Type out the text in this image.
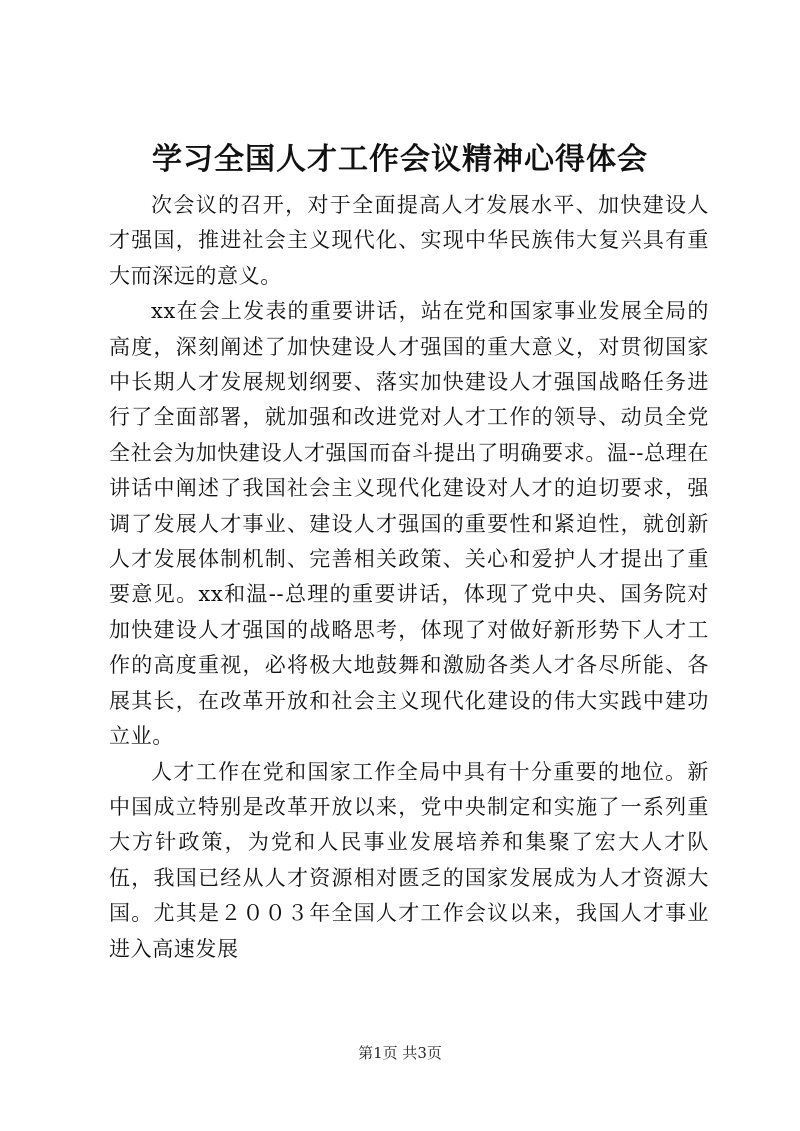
学习全国人才工作会议精神心得体会

次会议的召开，对于全面提高人才发展水平、加快建设人才强国，推进社会主义现代化、实现中华民族伟大复兴具有重大而深远的意义。

xx在会上发表的重要讲话，站在党和国家事业发展全局的高度，深刻阐述了加快建设人才强国的重大意义，对贯彻国家中长期人才发展规划纲要、落实加快建设人才强国战略任务进行了全面部署，就加强和改进党对人才工作的领导、动员全党全社会为加快建设人才强国而奋斗提出了明确要求。温--总理在讲话中阐述了我国社会主义现代化建设对人才的迫切要求，强调了发展人才事业、建设人才强国的重要性和紧迫性，就创新人才发展体制机制、完善相关政策、关心和爱护人才提出了重要意见。xx和温--总理的重要讲话，体现了党中央、国务院对加快建设人才强国的战略思考，体现了对做好新形势下人才工作的高度重视，必将极大地鼓舞和激励各类人才各尽所能、各展其长，在改革开放和社会主义现代化建设的伟大实践中建功立业。

人才工作在党和国家工作全局中具有十分重要的地位。新中国成立特别是改革开放以来，党中央制定和实施了一系列重大方针政策，为党和人民事业发展培养和集聚了宏大人才队伍，我国已经从人才资源相对匮乏的国家发展成为人才资源大国。尤其是２００３年全国人才工作会议以来，我国人才事业进入高速发展

第1页 共3页
